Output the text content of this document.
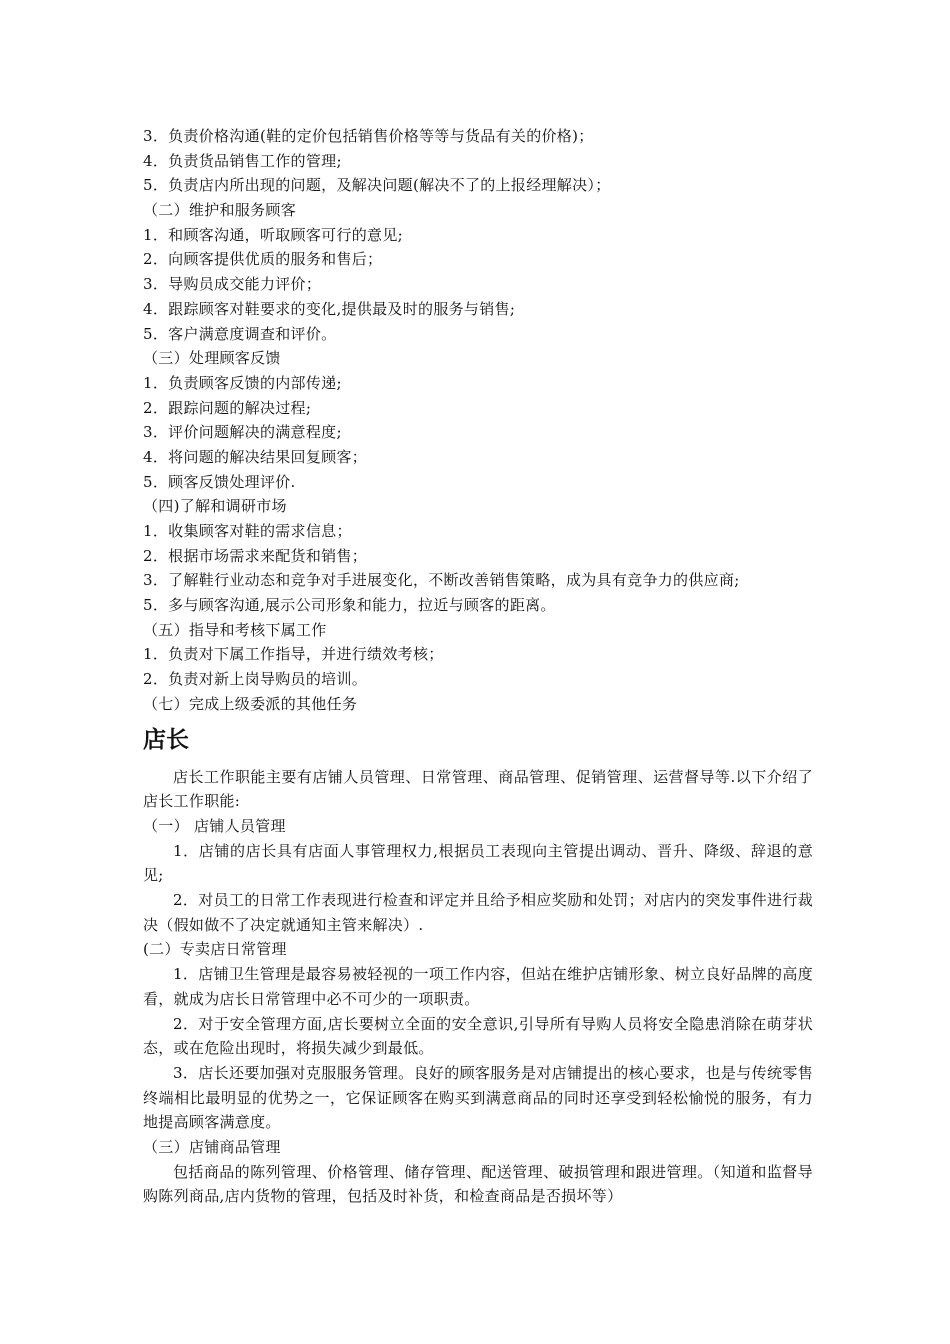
3．负责价格沟通(鞋的定价包括销售价格等等与货品有关的价格)；
4．负责货品销售工作的管理;
5．负责店内所出现的问题，及解决问题(解决不了的上报经理解决）；
（二）维护和服务顾客
1．和顾客沟通，听取顾客可行的意见;
2．向顾客提供优质的服务和售后；
3．导购员成交能力评价；
4．跟踪顾客对鞋要求的变化,提供最及时的服务与销售;
5．客户满意度调查和评价。
（三）处理顾客反馈
1．负责顾客反馈的内部传递;
2．跟踪问题的解决过程;
3．评价问题解决的满意程度;
4．将问题的解决结果回复顾客；
5．顾客反馈处理评价.
（四)了解和调研市场
1．收集顾客对鞋的需求信息；
2．根据市场需求来配货和销售；
3．了解鞋行业动态和竞争对手进展变化，不断改善销售策略，成为具有竞争力的供应商;
5．多与顾客沟通,展示公司形象和能力，拉近与顾客的距离。
（五）指导和考核下属工作
1．负责对下属工作指导，并进行绩效考核；
2．负责对新上岗导购员的培训。
（七）完成上级委派的其他任务
店长
店长工作职能主要有店铺人员管理、日常管理、商品管理、促销管理、运营督导等.以下介绍了店长工作职能:
（一） 店铺人员管理
1．店铺的店长具有店面人事管理权力,根据员工表现向主管提出调动、晋升、降级、辞退的意见;
2．对员工的日常工作表现进行检查和评定并且给予相应奖励和处罚；对店内的突发事件进行裁决（假如做不了决定就通知主管来解决）.
(二）专卖店日常管理
1．店铺卫生管理是最容易被轻视的一项工作内容，但站在维护店铺形象、树立良好品牌的高度看，就成为店长日常管理中必不可少的一项职责。
2．对于安全管理方面,店长要树立全面的安全意识,引导所有导购人员将安全隐患消除在萌芽状态，或在危险出现时，将损失减少到最低。
3．店长还要加强对克服服务管理。良好的顾客服务是对店铺提出的核心要求，也是与传统零售终端相比最明显的优势之一，它保证顾客在购买到满意商品的同时还享受到轻松愉悦的服务，有力地提高顾客满意度。
（三）店铺商品管理
包括商品的陈列管理、价格管理、储存管理、配送管理、破损管理和跟进管理。（知道和监督导购陈列商品,店内货物的管理，包括及时补货，和检查商品是否损坏等）
